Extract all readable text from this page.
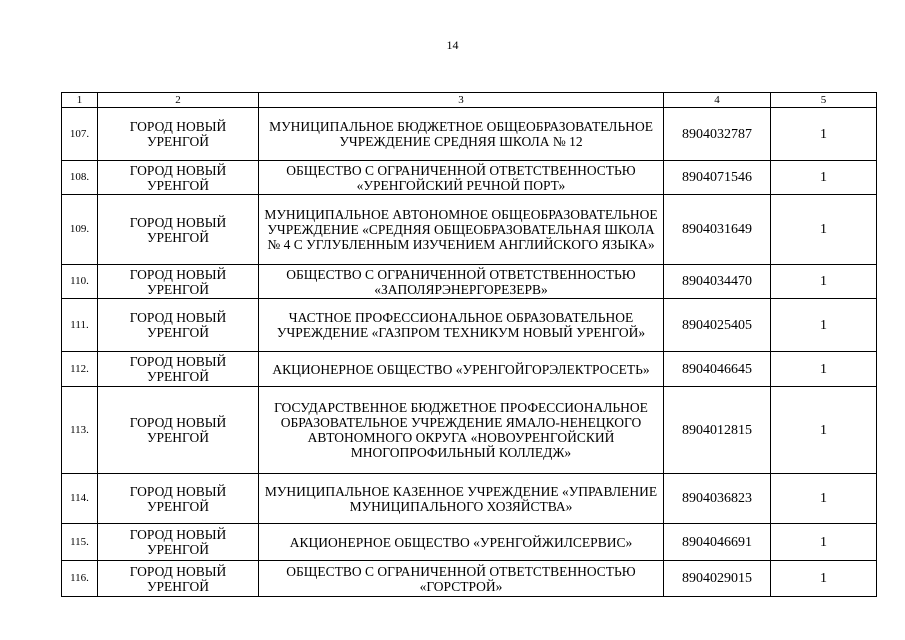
14
1	2	3	4	5
107.	ГОРОД НОВЫЙ УРЕНГОЙ	МУНИЦИПАЛЬНОЕ БЮДЖЕТНОЕ ОБЩЕОБРАЗОВАТЕЛЬНОЕ УЧРЕЖДЕНИЕ СРЕДНЯЯ ШКОЛА № 12	8904032787	1
108.	ГОРОД НОВЫЙ УРЕНГОЙ	ОБЩЕСТВО С ОГРАНИЧЕННОЙ ОТВЕТСТВЕННОСТЬЮ «УРЕНГОЙСКИЙ РЕЧНОЙ ПОРТ»	8904071546	1
109.	ГОРОД НОВЫЙ УРЕНГОЙ	МУНИЦИПАЛЬНОЕ АВТОНОМНОЕ ОБЩЕОБРАЗОВАТЕЛЬНОЕ УЧРЕЖДЕНИЕ «СРЕДНЯЯ ОБЩЕОБРАЗОВАТЕЛЬНАЯ ШКОЛА № 4 С УГЛУБЛЕННЫМ ИЗУЧЕНИЕМ АНГЛИЙСКОГО ЯЗЫКА»	8904031649	1
110.	ГОРОД НОВЫЙ УРЕНГОЙ	ОБЩЕСТВО С ОГРАНИЧЕННОЙ ОТВЕТСТВЕННОСТЬЮ «ЗАПОЛЯРЭНЕРГОРЕЗЕРВ»	8904034470	1
111.	ГОРОД НОВЫЙ УРЕНГОЙ	ЧАСТНОЕ ПРОФЕССИОНАЛЬНОЕ ОБРАЗОВАТЕЛЬНОЕ УЧРЕЖДЕНИЕ «ГАЗПРОМ ТЕХНИКУМ НОВЫЙ УРЕНГОЙ»	8904025405	1
112.	ГОРОД НОВЫЙ УРЕНГОЙ	АКЦИОНЕРНОЕ ОБЩЕСТВО «УРЕНГОЙГОРЭЛЕКТРОСЕТЬ»	8904046645	1
113.	ГОРОД НОВЫЙ УРЕНГОЙ	ГОСУДАРСТВЕННОЕ БЮДЖЕТНОЕ ПРОФЕССИОНАЛЬНОЕ ОБРАЗОВАТЕЛЬНОЕ УЧРЕЖДЕНИЕ ЯМАЛО-НЕНЕЦКОГО АВТОНОМНОГО ОКРУГА «НОВОУРЕНГОЙСКИЙ МНОГОПРОФИЛЬНЫЙ КОЛЛЕДЖ»	8904012815	1
114.	ГОРОД НОВЫЙ УРЕНГОЙ	МУНИЦИПАЛЬНОЕ КАЗЕННОЕ УЧРЕЖДЕНИЕ «УПРАВЛЕНИЕ МУНИЦИПАЛЬНОГО ХОЗЯЙСТВА»	8904036823	1
115.	ГОРОД НОВЫЙ УРЕНГОЙ	АКЦИОНЕРНОЕ ОБЩЕСТВО «УРЕНГОЙЖИЛСЕРВИС»	8904046691	1
116.	ГОРОД НОВЫЙ УРЕНГОЙ	ОБЩЕСТВО С ОГРАНИЧЕННОЙ ОТВЕТСТВЕННОСТЬЮ «ГОРСТРОЙ»	8904029015	1
